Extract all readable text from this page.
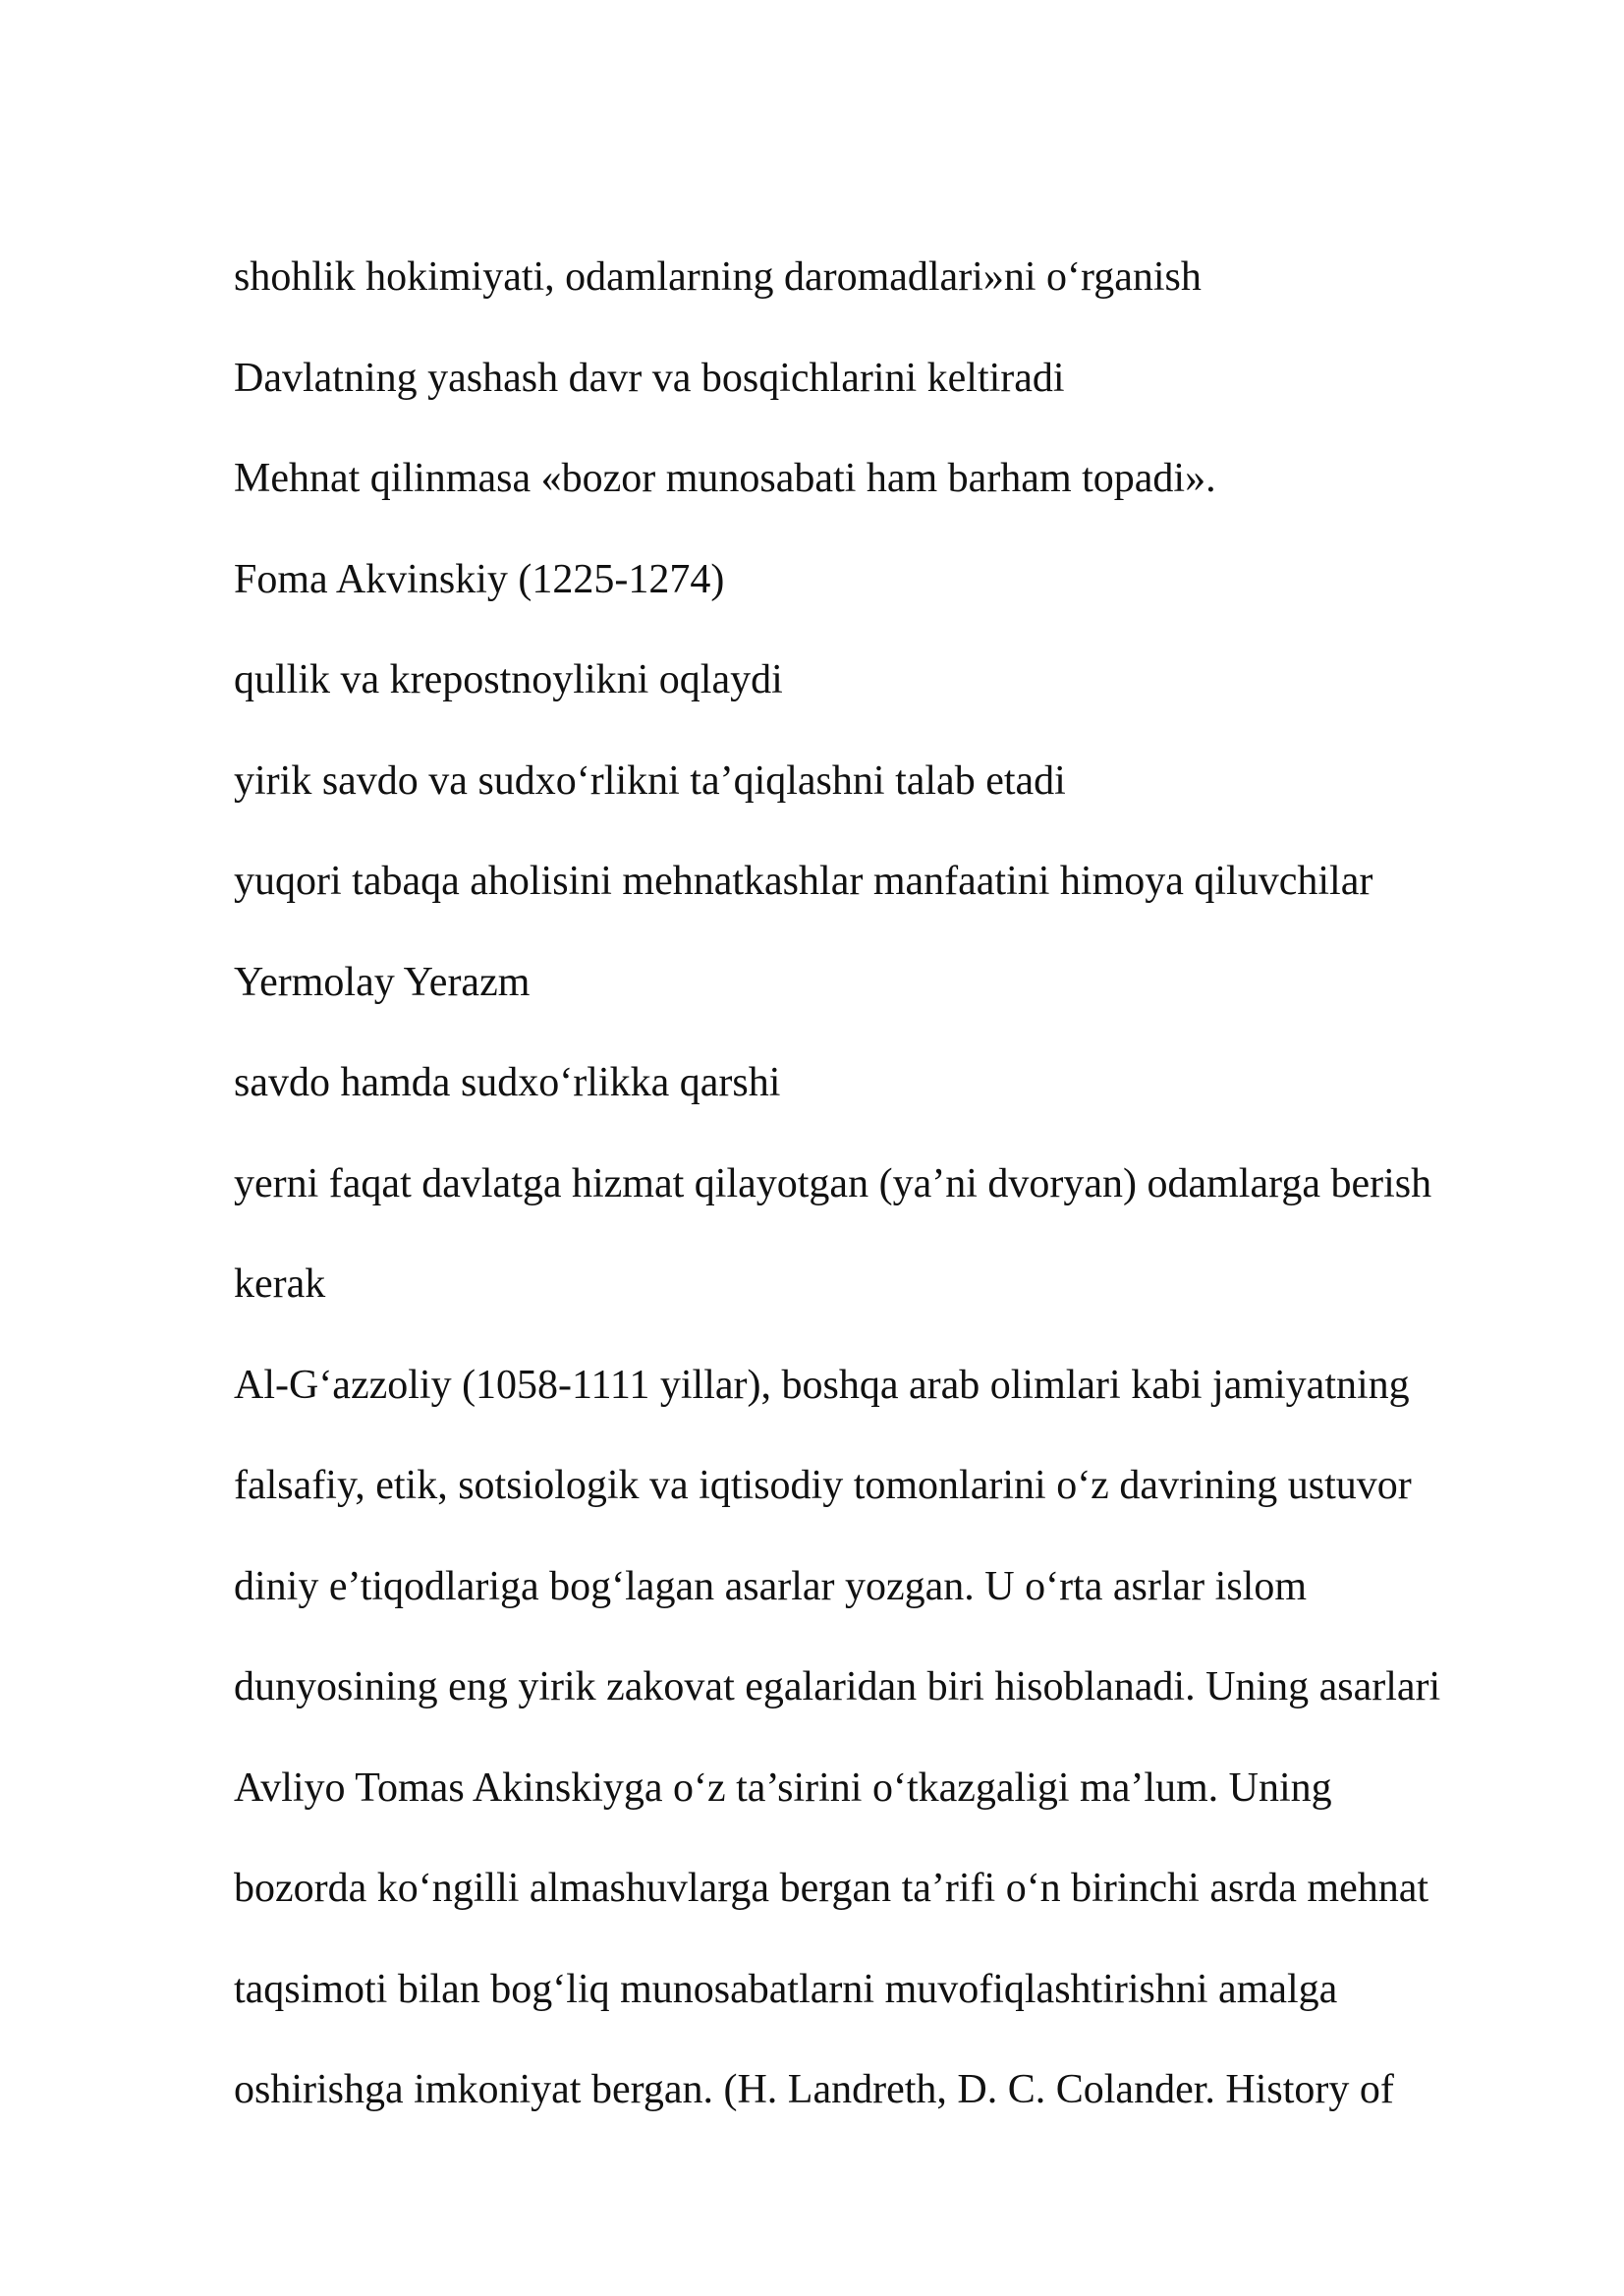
shohlik hokimiyati, odamlarning daromadlari»ni o‘rganish
Davlatning yashash davr va bosqichlarini keltiradi
Mehnat qilinmasa «bozor munosabati ham barham topadi».
Foma Akvinskiy (1225-1274)
qullik va krepostnoylikni oqlaydi
yirik savdo va sudxo‘rlikni ta’qiqlashni talab etadi
yuqori tabaqa aholisini mehnatkashlar manfaatini himoya qiluvchilar
Yermolay Yerazm
savdo hamda sudxo‘rlikka qarshi
yerni faqat davlatga hizmat qilayotgan (ya’ni dvoryan) odamlarga berish
kerak
Al-G‘azzoliy (1058-1111 yillar), boshqa arab olimlari kabi jamiyatning
falsafiy, etik, sotsiologik va iqtisodiy tomonlarini o‘z davrining ustuvor
diniy e’tiqodlariga bog‘lagan asarlar yozgan. U o‘rta asrlar islom
dunyosining eng yirik zakovat egalaridan biri hisoblanadi. Uning asarlari
Avliyo Tomas Akinskiyga o‘z ta’sirini o‘tkazgaligi ma’lum. Uning
bozorda ko‘ngilli almashuvlarga bergan ta’rifi o‘n birinchi asrda mehnat
taqsimoti bilan bog‘liq munosabatlarni muvofiqlashtirishni amalga
oshirishga imkoniyat bergan. (H. Landreth, D. C. Colander. History of
